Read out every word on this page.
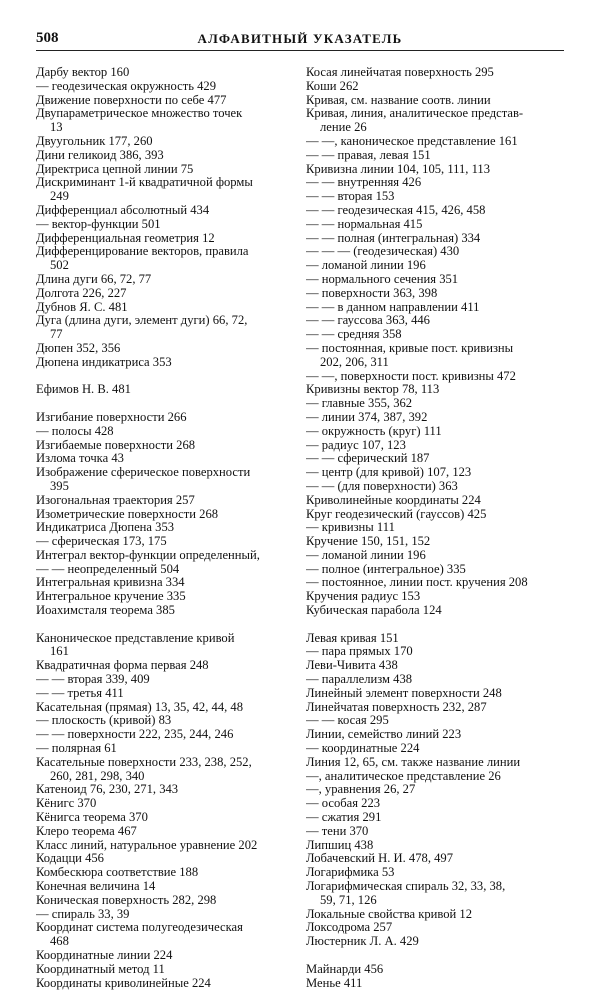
508	АЛФАВИТНЫЙ УКАЗАТЕЛЬ
Дарбу вектор 160
— геодезическая окружность 429
Движение поверхности по себе 477
Двупараметрическое множество точек
13
Двуугольник 177, 260
Дини геликоид 386, 393
Директриса цепной линии 75
Дискриминант 1-й квадратичной формы
249
Дифференциал абсолютный 434
— вектор-функции 501
Дифференциальная геометрия 12
Дифференцирование векторов, правила
502
Длина дуги 66, 72, 77
Долгота 226, 227
Дубнов Я. С. 481
Дуга (длина дуги, элемент дуги) 66, 72,
77
Дюпен 352, 356
Дюпена индикатриса 353
Ефимов Н. В. 481
Изгибание поверхности 266
— полосы 428
Изгибаемые поверхности 268
Излома точка 43
Изображение сферическое поверхности
395
Изогональная траектория 257
Изометрические поверхности 268
Индикатриса Дюпена 353
— сферическая 173, 175
Интеграл вектор-функции определенный,
— — неопределенный 504
Интегральная кривизна 334
Интегральное кручение 335
Иоахимсталя теорема 385
Каноническое представление кривой
161
Квадратичная форма первая 248
— — вторая 339, 409
— — третья 411
Касательная (прямая) 13, 35, 42, 44, 48
— плоскость (кривой) 83
— — поверхности 222, 235, 244, 246
— полярная 61
Касательные поверхности 233, 238, 252,
260, 281, 298, 340
Катеноид 76, 230, 271, 343
Кёнигс 370
Кёнигса теорема 370
Клеро теорема 467
Класс линий, натуральное уравнение 202
Кодацци 456
Комбескюра соответствие 188
Конечная величина 14
Коническая поверхность 282, 298
— спираль 33, 39
Координат система полугеодезическая
468
Координатные линии 224
Координатный метод 11
Координаты криволинейные 224
Косая линейчатая поверхность 295
Коши 262
Кривая, см. название соотв. линии
Кривая, линия, аналитическое представ-
ление 26
— —, каноническое представление 161
— — правая, левая 151
Кривизна линии 104, 105, 111, 113
— — внутренняя 426
— — вторая 153
— — геодезическая 415, 426, 458
— — нормальная 415
— — полная (интегральная) 334
— — — (геодезическая) 430
— ломаной линии 196
— нормального сечения 351
— поверхности 363, 398
— — в данном направлении 411
— — гауссова 363, 446
— — средняя 358
— постоянная, кривые пост. кривизны
202, 206, 311
— —, поверхности пост. кривизны 472
Кривизны вектор 78, 113
— главные 355, 362
— линии 374, 387, 392
— окружность (круг) 111
— радиус 107, 123
— — сферический 187
— центр (для кривой) 107, 123
— — (для поверхности) 363
Криволинейные координаты 224
Круг геодезический (гауссов) 425
— кривизны 111
Кручение 150, 151, 152
— ломаной линии 196
— полное (интегральное) 335
— постоянное, линии пост. кручения 208
Кручения радиус 153
Кубическая парабола 124
Левая кривая 151
— пара прямых 170
Леви-Чивита 438
— параллелизм 438
Линейный элемент поверхности 248
Линейчатая поверхность 232, 287
— — косая 295
Линии, семейство линий 223
— координатные 224
Линия 12, 65, см. также название линии
—, аналитическое представление 26
—, уравнения 26, 27
— особая 223
— сжатия 291
— тени 370
Липшиц 438
Лобачевский Н. И. 478, 497
Логарифмика 53
Логарифмическая спираль 32, 33, 38,
59, 71, 126
Локальные свойства кривой 12
Локсодрома 257
Люстерник Л. А. 429
Майнарди 456
Менье 411
